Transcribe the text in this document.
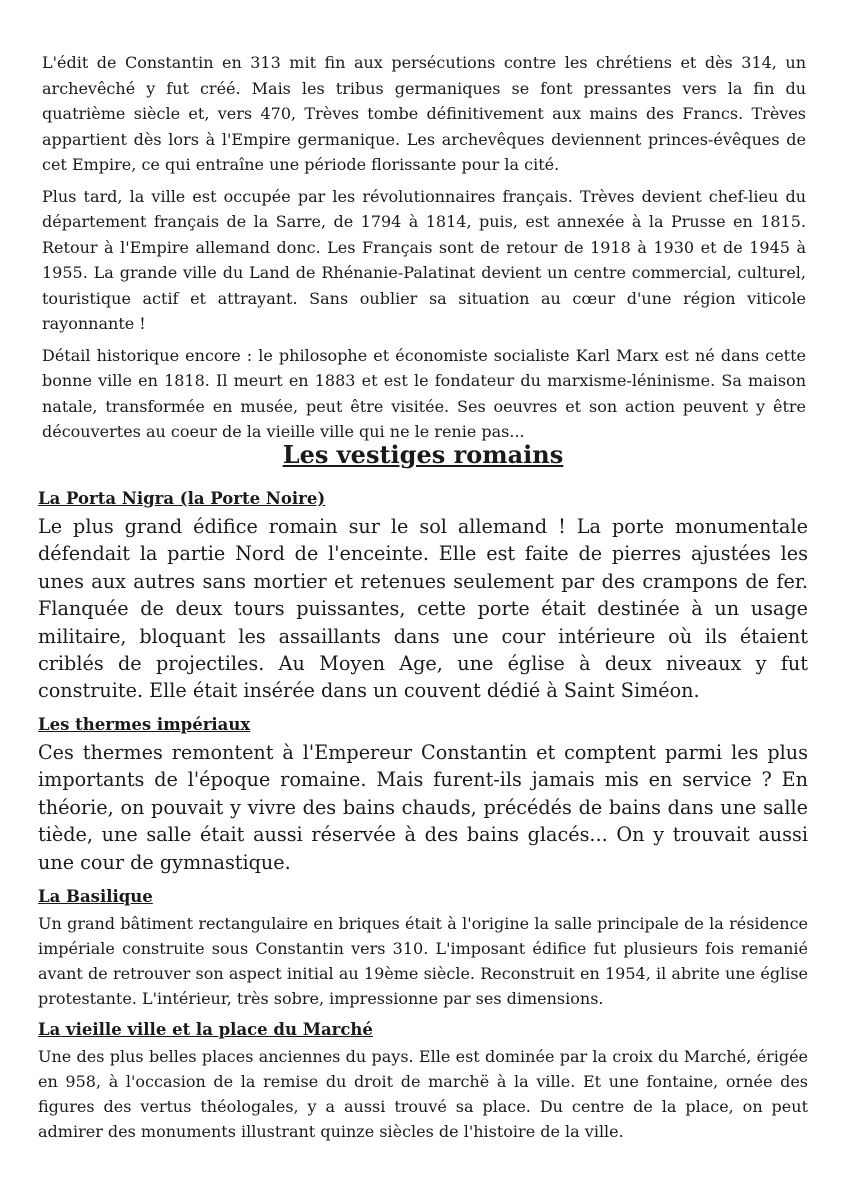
L'édit de Constantin en 313 mit fin aux persécutions contre les chrétiens et dès 314, un archevêché y fut créé. Mais les tribus germaniques se font pressantes vers la fin du quatrième siècle et, vers 470, Trèves tombe définitivement aux mains des Francs. Trèves appartient dès lors à l'Empire germanique. Les archevêques deviennent princes-évêques de cet Empire, ce qui entraîne une période florissante pour la cité.

Plus tard, la ville est occupée par les révolutionnaires français. Trèves devient chef-lieu du département français de la Sarre, de 1794 à 1814, puis, est annexée à la Prusse en 1815. Retour à l'Empire allemand donc. Les Français sont de retour de 1918 à 1930 et de 1945 à 1955. La grande ville du Land de Rhénanie-Palatinat devient un centre commercial, culturel, touristique actif et attrayant. Sans oublier sa situation au cœur d'une région viticole rayonnante !

Détail historique encore : le philosophe et économiste socialiste Karl Marx est né dans cette bonne ville en 1818. Il meurt en 1883 et est le fondateur du marxisme-léninisme. Sa maison natale, transformée en musée, peut être visitée. Ses oeuvres et son action peuvent y être découvertes au coeur de la vieille ville qui ne le renie pas...

Les vestiges romains
La Porta Nigra (la Porte Noire)

Le plus grand édifice romain sur le sol allemand ! La porte monumentale défendait la partie Nord de l'enceinte. Elle est faite de pierres ajustées les unes aux autres sans mortier et retenues seulement par des crampons de fer. Flanquée de deux tours puissantes, cette porte était destinée à un usage militaire, bloquant les assaillants dans une cour intérieure où ils étaient criblés de projectiles. Au Moyen Age, une église à deux niveaux y fut construite. Elle était insérée dans un couvent dédié à Saint Siméon.

Les thermes impériaux

Ces thermes remontent à l'Empereur Constantin et comptent parmi les plus importants de l'époque romaine. Mais furent-ils jamais mis en service ? En théorie, on pouvait y vivre des bains chauds, précédés de bains dans une salle tiède, une salle était aussi réservée à des bains glacés... On y trouvait aussi une cour de gymnastique.

La Basilique

Un grand bâtiment rectangulaire en briques était à l'origine la salle principale de la résidence impériale construite sous Constantin vers 310. L'imposant édifice fut plusieurs fois remanié avant de retrouver son aspect initial au 19ème siècle. Reconstruit en 1954, il abrite une église protestante. L'intérieur, très sobre, impressionne par ses dimensions.

La vieille ville et la place du Marché

Une des plus belles places anciennes du pays. Elle est dominée par la croix du Marché, érigée en 958, à l'occasion de la remise du droit de marchë à la ville. Et une fontaine, ornée des figures des vertus théologales, y a aussi trouvé sa place. Du centre de la place, on peut admirer des monuments illustrant quinze siècles de l'histoire de la ville.
